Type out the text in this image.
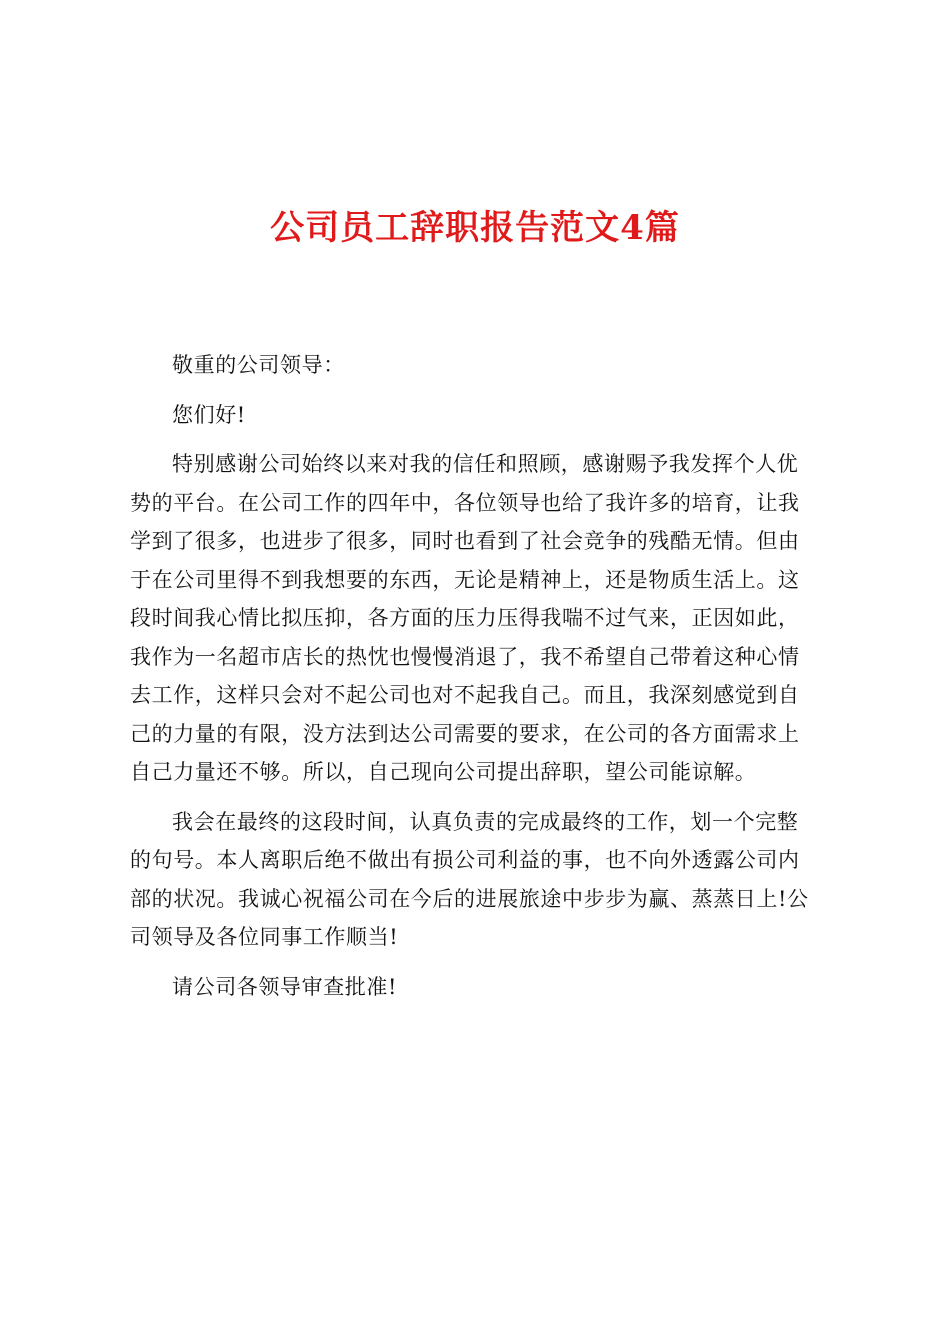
公司员工辞职报告范文4篇

敬重的公司领导：

您们好!

特别感谢公司始终以来对我的信任和照顾，感谢赐予我发挥个人优
势的平台。在公司工作的四年中，各位领导也给了我许多的培育，让我
学到了很多，也进步了很多，同时也看到了社会竞争的残酷无情。但由
于在公司里得不到我想要的东西，无论是精神上，还是物质生活上。这
段时间我心情比拟压抑，各方面的压力压得我喘不过气来，正因如此，
我作为一名超市店长的热忱也慢慢消退了，我不希望自己带着这种心情
去工作，这样只会对不起公司也对不起我自己。而且，我深刻感觉到自
己的力量的有限，没方法到达公司需要的要求，在公司的各方面需求上
自己力量还不够。所以，自己现向公司提出辞职，望公司能谅解。

我会在最终的这段时间，认真负责的完成最终的工作，划一个完整
的句号。本人离职后绝不做出有损公司利益的事，也不向外透露公司内
部的状况。我诚心祝福公司在今后的进展旅途中步步为赢、蒸蒸日上!公
司领导及各位同事工作顺当!

请公司各领导审查批准!
